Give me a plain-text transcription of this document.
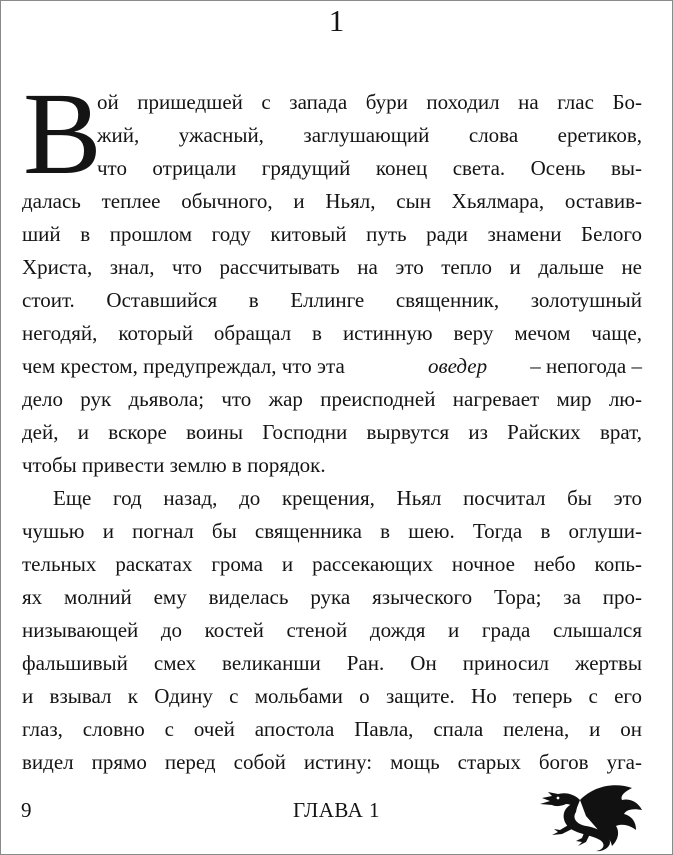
1
В
ой пришедшей с запада бури походил на глас Бо-
жий, ужасный, заглушающий слова еретиков,
что отрицали грядущий конец света. Осень вы-
далась теплее обычного, и Ньял, сын Хьялмара, оставив-
ший в прошлом году китовый путь ради знамени Белого
Христа, знал, что рассчитывать на это тепло и дальше не
стоит. Оставшийся в Еллинге священник, золотушный
негодяй, который обращал в истинную веру мечом чаще,
чем крестом, предупреждал, что эта	оведер – непогода –
дело рук дьявола; что жар преисподней нагревает мир лю-
дей, и вскоре воины Господни вырвутся из Райских врат,
чтобы привести землю в порядок.
Еще год назад, до крещения, Ньял посчитал бы это
чушью и погнал бы священника в шею. Тогда в оглуши-
тельных раскатах грома и рассекающих ночное небо копь-
ях молний ему виделась рука языческого Тора; за про-
низывающей до костей стеной дождя и града слышался
фальшивый смех великанши Ран. Он приносил жертвы
и взывал к Одину с мольбами о защите. Но теперь с его
глаз, словно с очей апостола Павла, спала пелена, и он
видел прямо перед собой истину: мощь старых богов уга-
9	ГЛАВА 1
